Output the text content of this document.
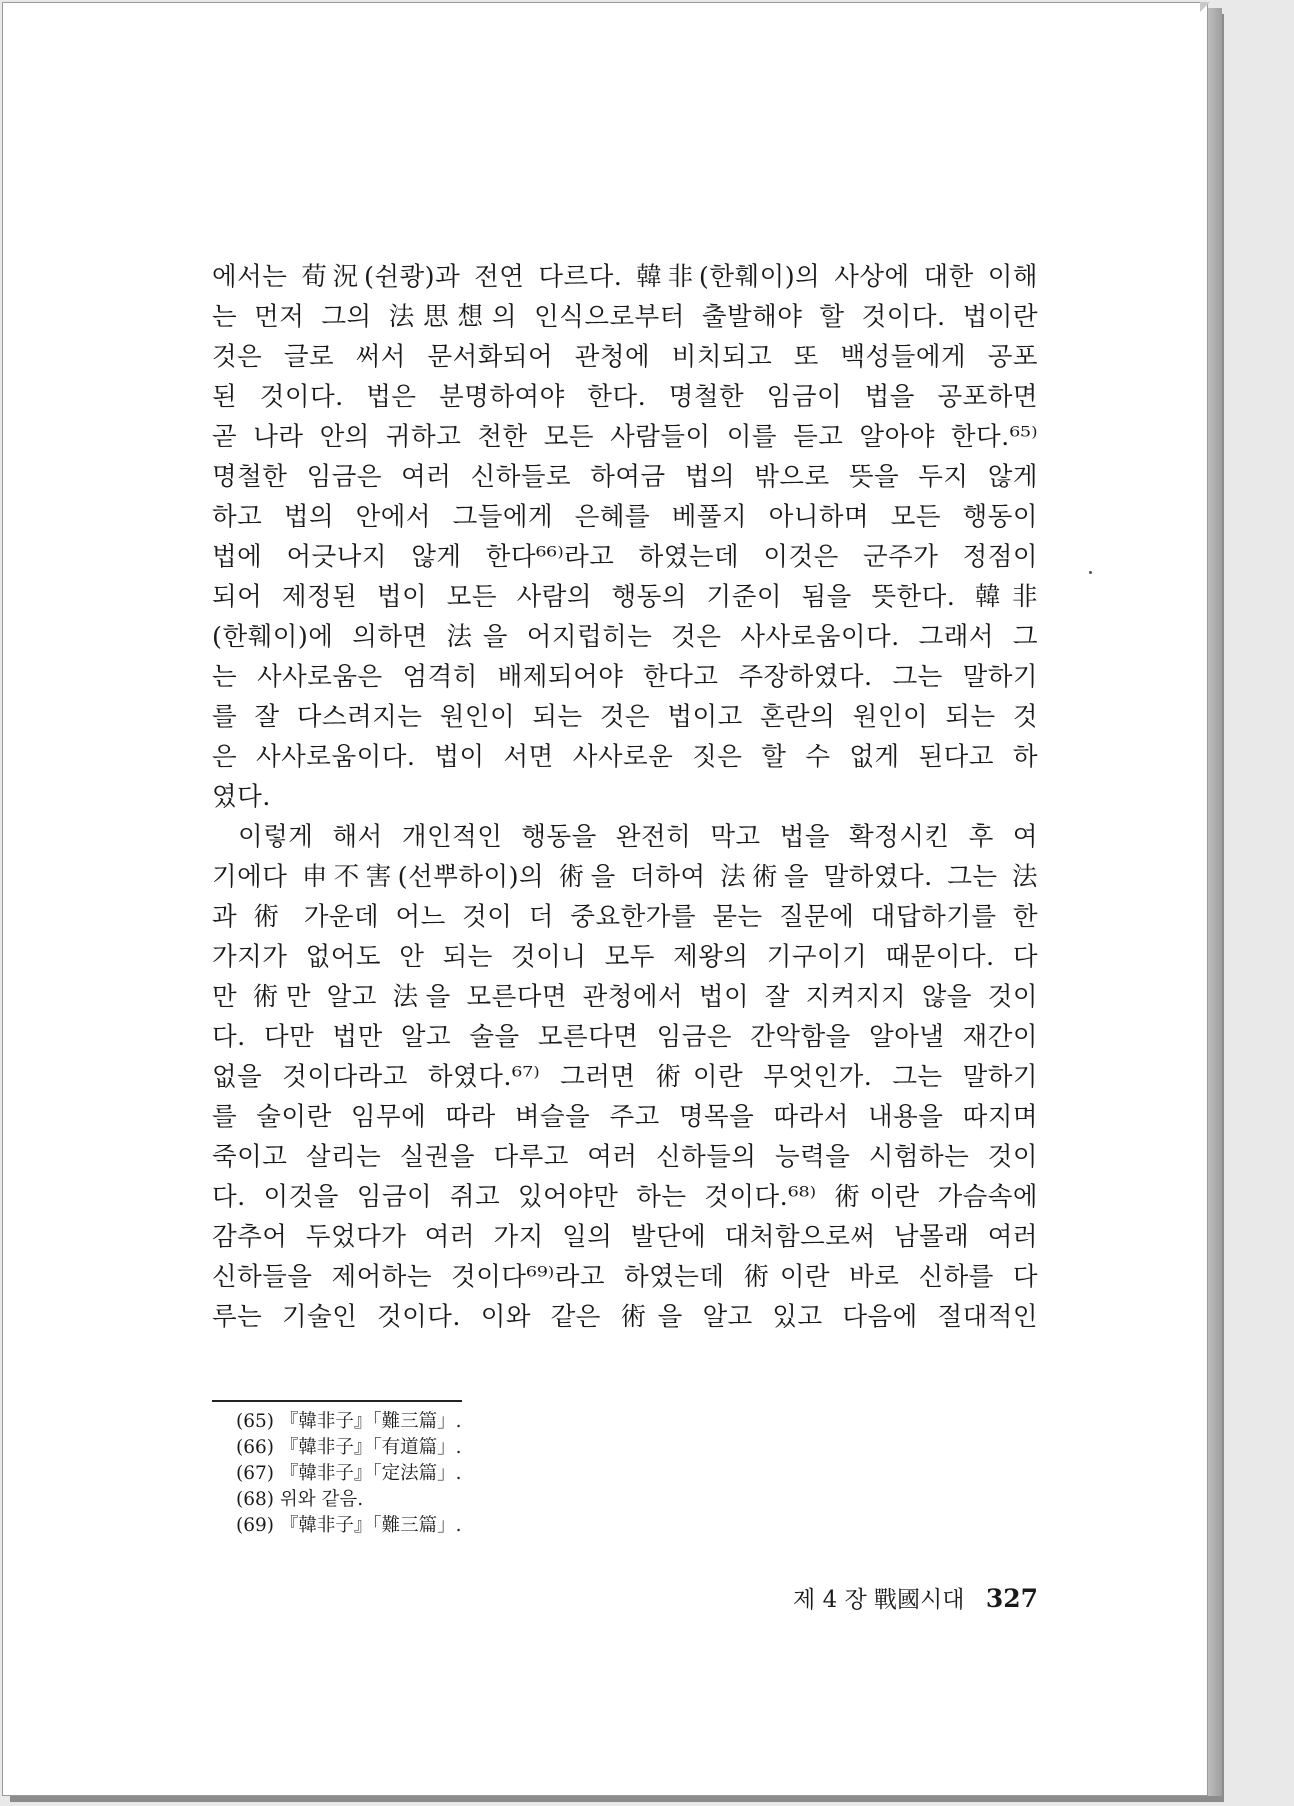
에서는 荀況(쉰쾅)과 전연 다르다. 韓非(한훼이)의 사상에 대한 이해
는 먼저 그의 法思想의 인식으로부터 출발해야 할 것이다. 법이란
것은 글로 써서 문서화되어 관청에 비치되고 또 백성들에게 공포
된 것이다. 법은 분명하여야 한다. 명철한 임금이 법을 공포하면
곧 나라 안의 귀하고 천한 모든 사람들이 이를 듣고 알아야 한다.⁶⁵⁾
명철한 임금은 여러 신하들로 하여금 법의 밖으로 뜻을 두지 않게
하고 법의 안에서 그들에게 은혜를 베풀지 아니하며 모든 행동이
법에 어긋나지 않게 한다⁶⁶⁾라고 하였는데 이것은 군주가 정점이
되어 제정된 법이 모든 사람의 행동의 기준이 됨을 뜻한다. 韓非
(한훼이)에 의하면 法을 어지럽히는 것은 사사로움이다. 그래서 그
는 사사로움은 엄격히 배제되어야 한다고 주장하였다. 그는 말하기
를 잘 다스려지는 원인이 되는 것은 법이고 혼란의 원인이 되는 것
은 사사로움이다. 법이 서면 사사로운 짓은 할 수 없게 된다고 하
였다.
이렇게 해서 개인적인 행동을 완전히 막고 법을 확정시킨 후 여
기에다 申不害(선뿌하이)의 術을 더하여 法術을 말하였다. 그는 法
과 術 가운데 어느 것이 더 중요한가를 묻는 질문에 대답하기를 한
가지가 없어도 안 되는 것이니 모두 제왕의 기구이기 때문이다. 다
만 術만 알고 法을 모른다면 관청에서 법이 잘 지켜지지 않을 것이
다. 다만 법만 알고 술을 모른다면 임금은 간악함을 알아낼 재간이
없을 것이다라고 하였다.⁶⁷⁾ 그러면 術이란 무엇인가. 그는 말하기
를 술이란 임무에 따라 벼슬을 주고 명목을 따라서 내용을 따지며
죽이고 살리는 실권을 다루고 여러 신하들의 능력을 시험하는 것이
다. 이것을 임금이 쥐고 있어야만 하는 것이다.⁶⁸⁾ 術이란 가슴속에
감추어 두었다가 여러 가지 일의 발단에 대처함으로써 남몰래 여러
신하들을 제어하는 것이다⁶⁹⁾라고 하였는데 術이란 바로 신하를 다
루는 기술인 것이다. 이와 같은 術을 알고 있고 다음에 절대적인
(65) 『韓非子』「難三篇」.
(66) 『韓非子』「有道篇」.
(67) 『韓非子』「定法篇」.
(68) 위와 같음.
(69) 『韓非子』「難三篇」.
제 4 장 戰國시대 327
